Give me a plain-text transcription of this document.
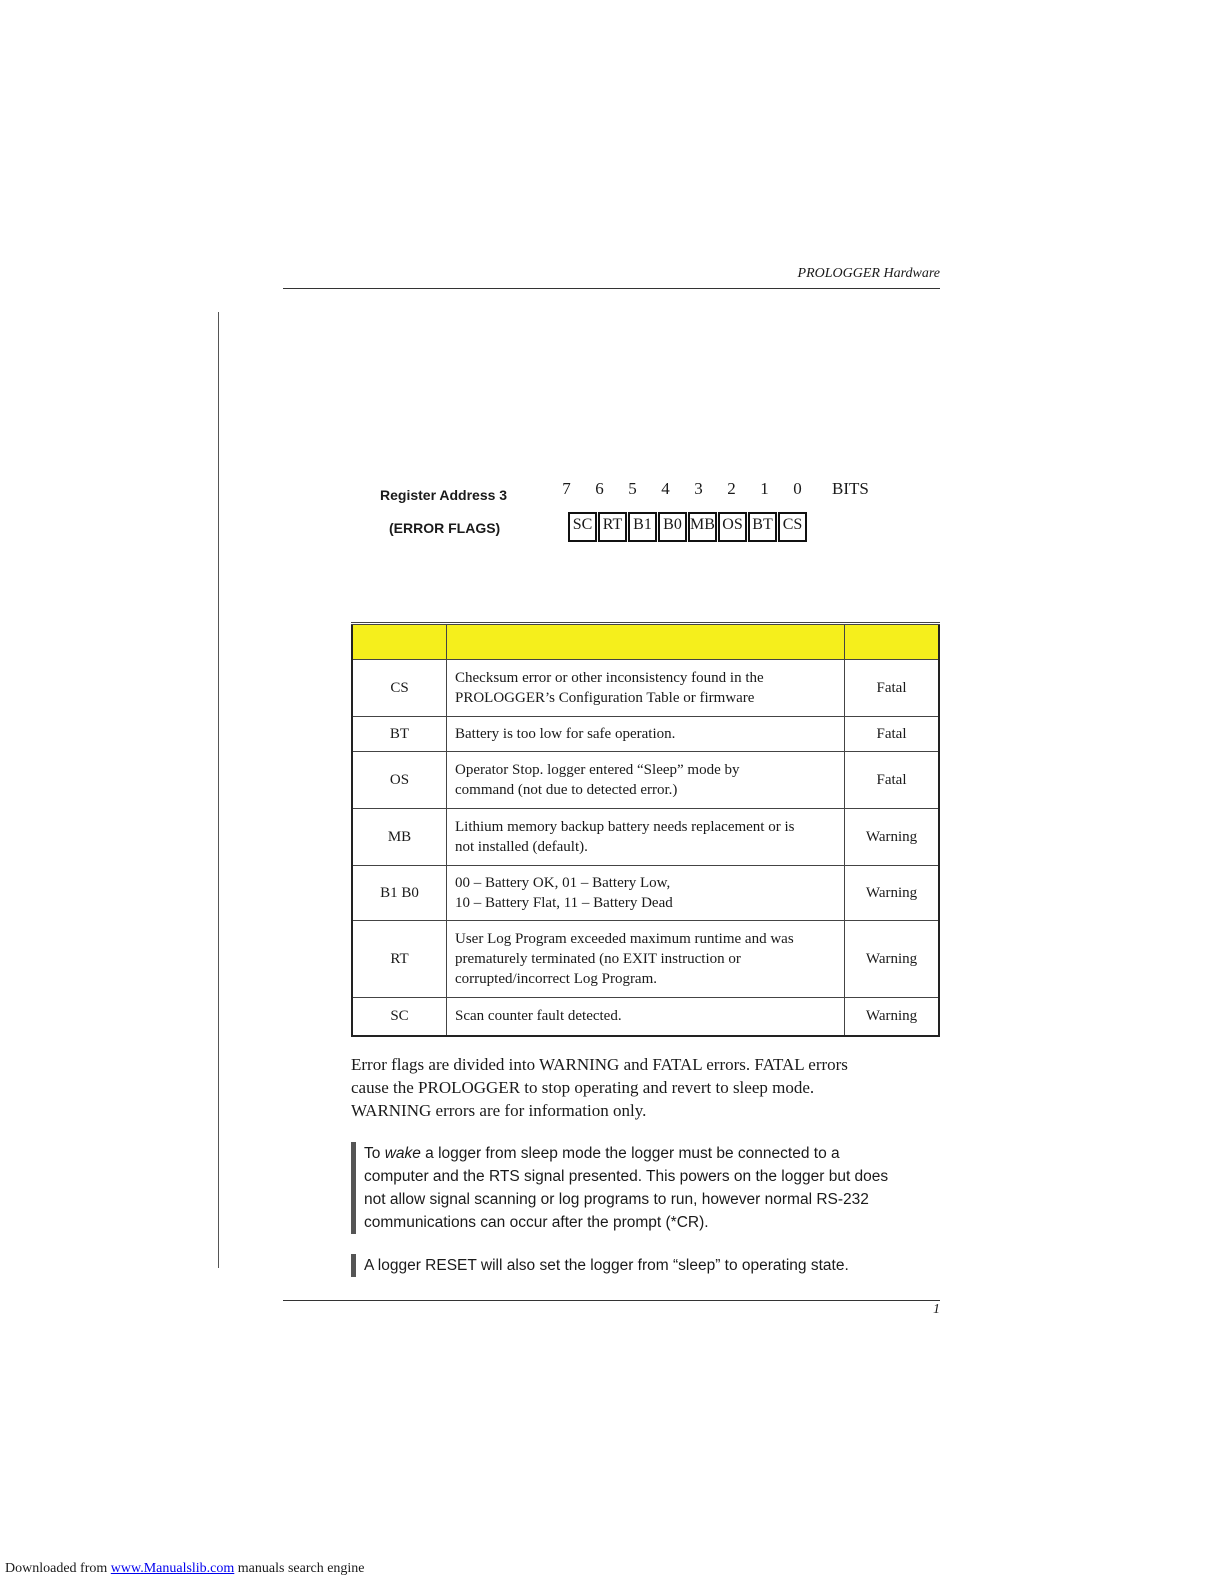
PROLOGGER Hardware
Register Address 3
(ERROR FLAGS)
7	6	5	4	3	2	1	0	BITS
SC RT B1 B0 MB OS BT CS

CS	Checksum error or other inconsistency found in the
PROLOGGER’s Configuration Table or firmware	Fatal
BT	Battery is too low for safe operation.	Fatal
OS	Operator Stop. logger entered “Sleep” mode by
command (not due to detected error.)	Fatal
MB	Lithium memory backup battery needs replacement or is
not installed (default).	Warning
B1 B0	00 – Battery OK, 01 – Battery Low,
10 – Battery Flat, 11 – Battery Dead	Warning
RT	User Log Program exceeded maximum runtime and was
prematurely terminated (no EXIT instruction or
corrupted/incorrect Log Program.	Warning
SC	Scan counter fault detected.	Warning

Error flags are divided into WARNING and FATAL errors. FATAL errors
cause the PROLOGGER to stop operating and revert to sleep mode.
WARNING errors are for information only.

To wake a logger from sleep mode the logger must be connected to a
computer and the RTS signal presented. This powers on the logger but does
not allow signal scanning or log programs to run, however normal RS-232
communications can occur after the prompt (*CR).

A logger RESET will also set the logger from “sleep” to operating state.

1
Downloaded from www.Manualslib.com manuals search engine
